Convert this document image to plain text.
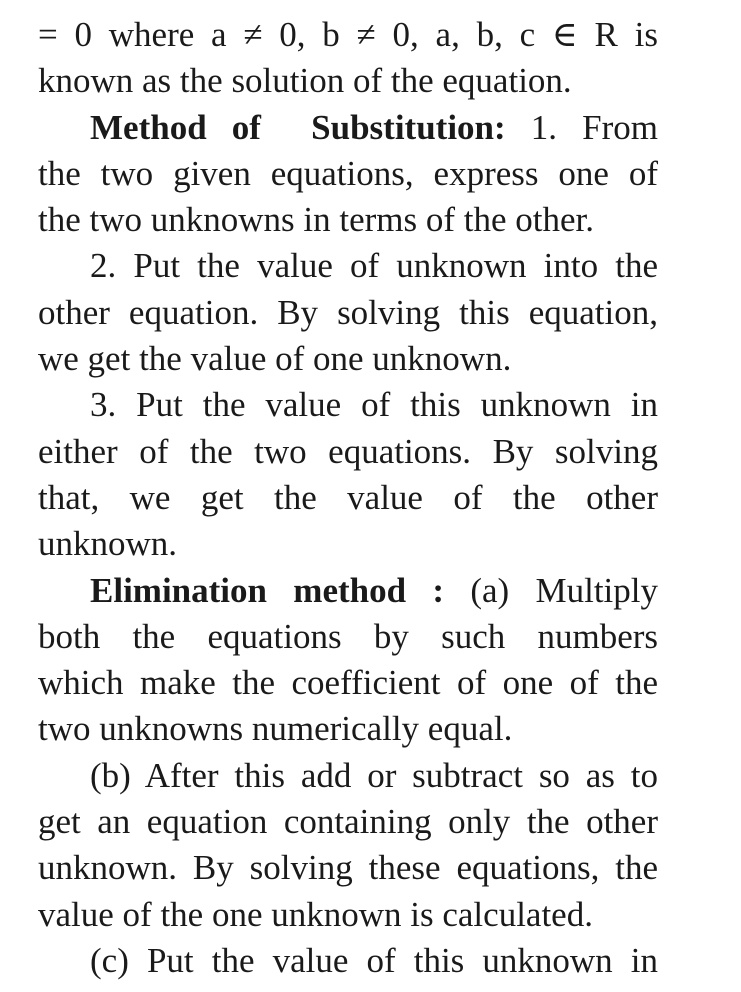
= 0 where a ≠ 0, b ≠ 0, a, b, c ∈ R is
known as the solution of the equation.
Method of  Substitution: 1. From
the two given equations, express one of
the two unknowns in terms of the other.
2. Put the value of unknown into the
other equation. By solving this equation,
we get the value of one unknown.
3. Put the value of this unknown in
either of the two equations. By solving
that, we get the value of the other
unknown.
Elimination method : (a) Multiply
both the equations by such numbers
which make the coefficient of one of the
two unknowns numerically equal.
(b) After this add or subtract so as to
get an equation containing only the other
unknown. By solving these equations, the
value of the one unknown is calculated.
(c) Put the value of this unknown in
